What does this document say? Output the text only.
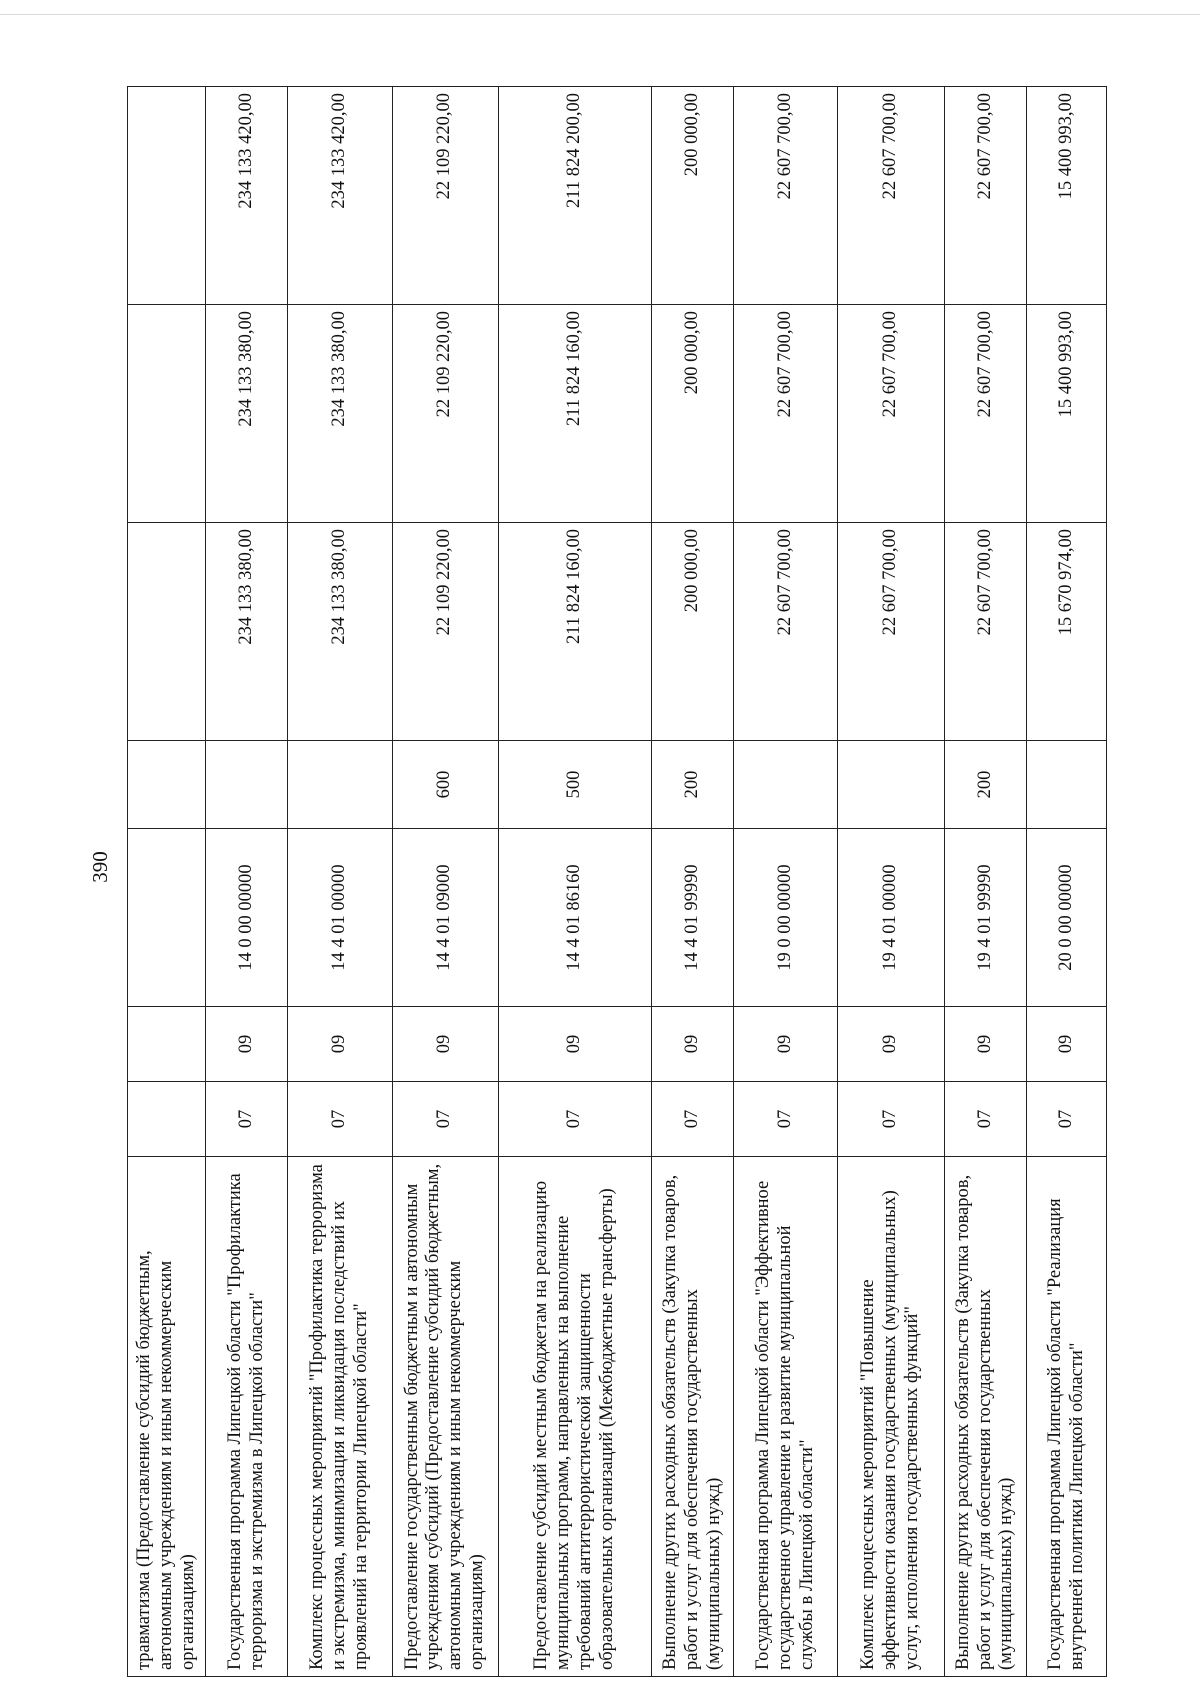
390
травматизма (Предоставление субсидий бюджетным, автономным учреждениям и иным некоммерческим организациям)							
Государственная программа Липецкой области "Профилактика терроризма и экстремизма в Липецкой области"	07	09	14 0 00 00000		234 133 380,00	234 133 380,00	234 133 420,00
Комплекс процессных мероприятий "Профилактика терроризма и экстремизма, минимизация и ликвидация последствий их проявлений на территории Липецкой области"	07	09	14 4 01 00000		234 133 380,00	234 133 380,00	234 133 420,00
Предоставление государственным бюджетным и автономным учреждениям субсидий (Предоставление субсидий бюджетным, автономным учреждениям и иным некоммерческим организациям)	07	09	14 4 01 09000	600	22 109 220,00	22 109 220,00	22 109 220,00
Предоставление субсидий местным бюджетам на реализацию муниципальных программ, направленных на выполнение требований антитеррористической защищенности образовательных организаций (Межбюджетные трансферты)	07	09	14 4 01 86160	500	211 824 160,00	211 824 160,00	211 824 200,00
Выполнение других расходных обязательств (Закупка товаров, работ и услуг для обеспечения государственных (муниципальных) нужд)	07	09	14 4 01 99990	200	200 000,00	200 000,00	200 000,00
Государственная программа Липецкой области "Эффективное государственное управление и развитие муниципальной службы в Липецкой области"	07	09	19 0 00 00000		22 607 700,00	22 607 700,00	22 607 700,00
Комплекс процессных мероприятий "Повышение эффективности оказания государственных (муниципальных) услуг, исполнения государственных функций"	07	09	19 4 01 00000		22 607 700,00	22 607 700,00	22 607 700,00
Выполнение других расходных обязательств (Закупка товаров, работ и услуг для обеспечения государственных (муниципальных) нужд)	07	09	19 4 01 99990	200	22 607 700,00	22 607 700,00	22 607 700,00
Государственная программа Липецкой области "Реализация внутренней политики Липецкой области"	07	09	20 0 00 00000		15 670 974,00	15 400 993,00	15 400 993,00
